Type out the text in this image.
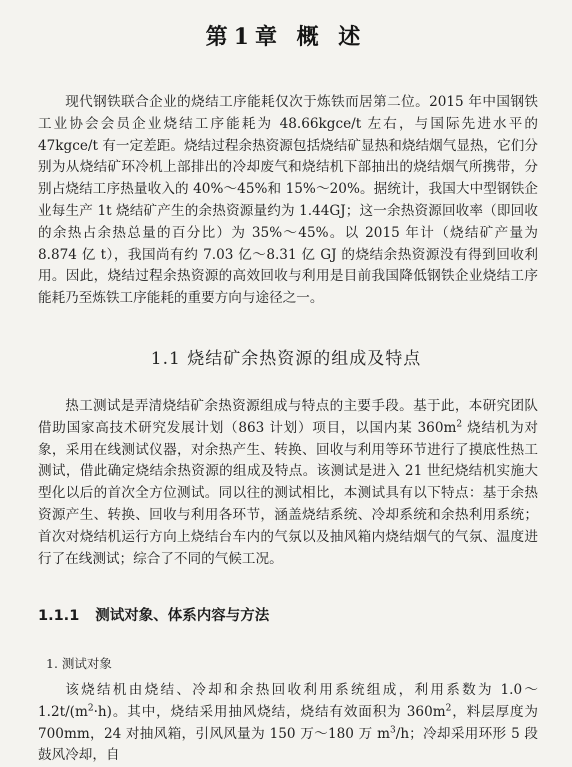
第1章 概 述

现代钢铁联合企业的烧结工序能耗仅次于炼铁而居第二位。2015 年中国钢铁工业协会会员企业烧结工序能耗为 48.66kgce/t 左右，与国际先进水平的 47kgce/t 有一定差距。烧结过程余热资源包括烧结矿显热和烧结烟气显热，它们分别为从烧结矿环冷机上部排出的冷却废气和烧结机下部抽出的烧结烟气所携带，分别占烧结工序热量收入的 40%～45%和 15%～20%。据统计，我国大中型钢铁企业每生产 1t 烧结矿产生的余热资源量约为 1.44GJ；这一余热资源回收率（即回收的余热占余热总量的百分比）为 35%～45%。以 2015 年计（烧结矿产量为 8.874 亿 t），我国尚有约 7.03 亿～8.31 亿 GJ 的烧结余热资源没有得到回收利用。因此，烧结过程余热资源的高效回收与利用是目前我国降低钢铁企业烧结工序能耗乃至炼铁工序能耗的重要方向与途径之一。

1.1 烧结矿余热资源的组成及特点

热工测试是弄清烧结矿余热资源组成与特点的主要手段。基于此，本研究团队借助国家高技术研究发展计划（863 计划）项目，以国内某 $360m^2$ 烧结机为对象，采用在线测试仪器，对余热产生、转换、回收与利用等环节进行了摸底性热工测试，借此确定烧结余热资源的组成及特点。该测试是进入 21 世纪烧结机实施大型化以后的首次全方位测试。同以往的测试相比，本测试具有以下特点：基于余热资源产生、转换、回收与利用各环节，涵盖烧结系统、冷却系统和余热利用系统；首次对烧结机运行方向上烧结台车内的气氛以及抽风箱内烧结烟气的气氛、温度进行了在线测试；综合了不同的气候工况。

1.1.1 测试对象、体系内容与方法
1. 测试对象

该烧结机由烧结、冷却和余热回收利用系统组成，利用系数为 $1.0\sim 1.2t/(m^2\cdot h)$。其中，烧结采用抽风烧结，烧结有效面积为 $360m^2$，料层厚度为 700mm，24 对抽风箱，引风风量为 150 万～180 万 $m^3/h$；冷却采用环形 5 段鼓风冷却，自
